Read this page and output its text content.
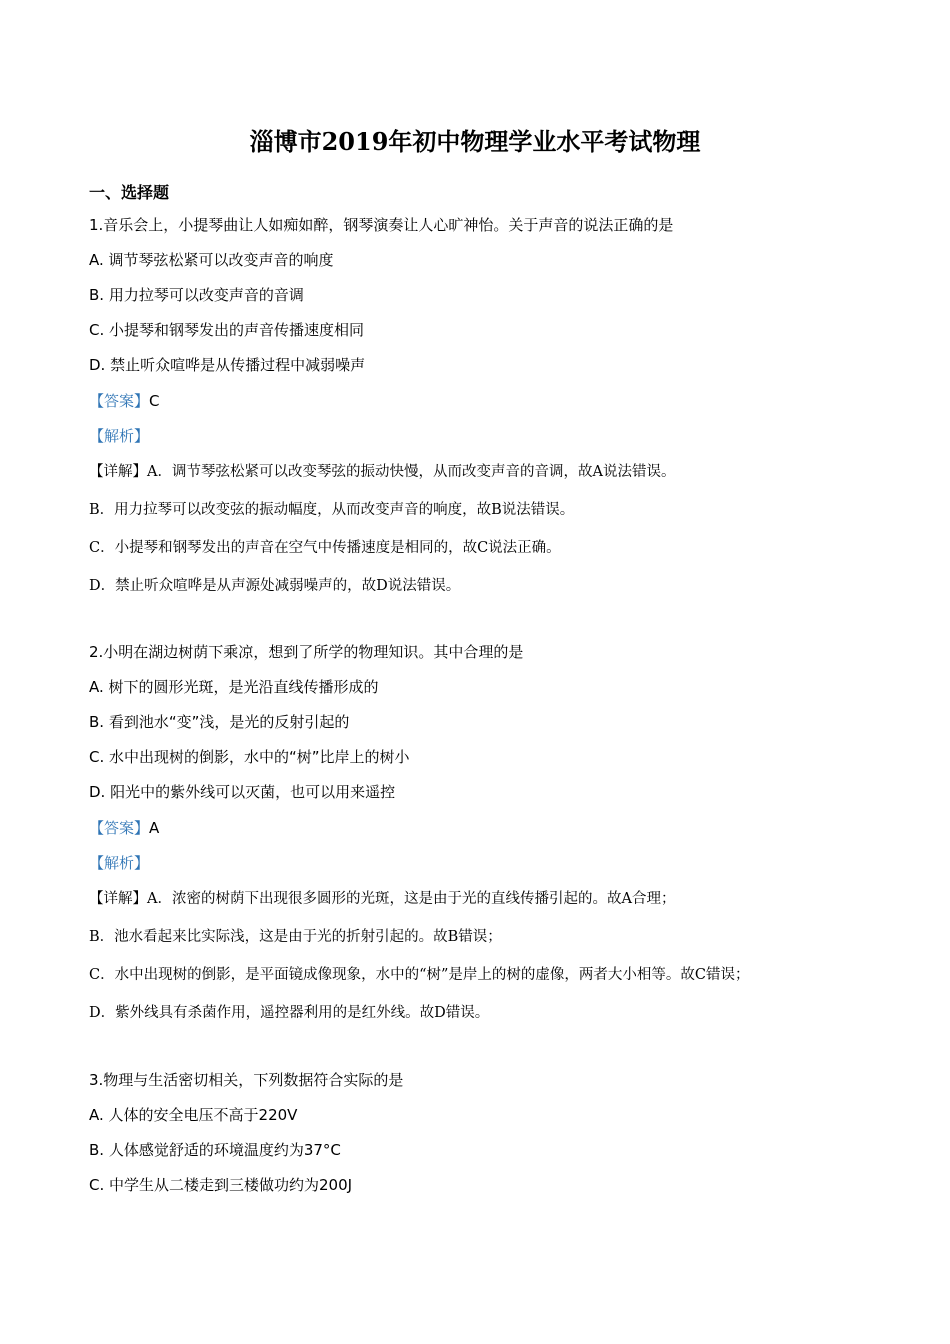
淄博市2019年初中物理学业水平考试物理
一、选择题
1.音乐会上，小提琴曲让人如痴如醉，钢琴演奏让人心旷神怡。关于声音的说法正确的是
A. 调节琴弦松紧可以改变声音的响度
B. 用力拉琴可以改变声音的音调
C. 小提琴和钢琴发出的声音传播速度相同
D. 禁止听众喧哗是从传播过程中减弱噪声
【答案】C
【解析】
【详解】A．调节琴弦松紧可以改变琴弦的振动快慢，从而改变声音的音调，故A说法错误。
B．用力拉琴可以改变弦的振动幅度，从而改变声音的响度，故B说法错误。
C．小提琴和钢琴发出的声音在空气中传播速度是相同的，故C说法正确。
D．禁止听众喧哗是从声源处减弱噪声的，故D说法错误。
2.小明在湖边树荫下乘凉，想到了所学的物理知识。其中合理的是
A. 树下的圆形光斑，是光沿直线传播形成的
B. 看到池水“变”浅，是光的反射引起的
C. 水中出现树的倒影，水中的“树”比岸上的树小
D. 阳光中的紫外线可以灭菌，也可以用来遥控
【答案】A
【解析】
【详解】A．浓密的树荫下出现很多圆形的光斑，这是由于光的直线传播引起的。故A合理；
B．池水看起来比实际浅，这是由于光的折射引起的。故B错误；
C．水中出现树的倒影，是平面镜成像现象，水中的“树”是岸上的树的虚像，两者大小相等。故C错误；
D．紫外线具有杀菌作用，遥控器利用的是红外线。故D错误。
3.物理与生活密切相关，下列数据符合实际的是
A. 人体的安全电压不高于220V
B. 人体感觉舒适的环境温度约为37°C
C. 中学生从二楼走到三楼做功约为200J
